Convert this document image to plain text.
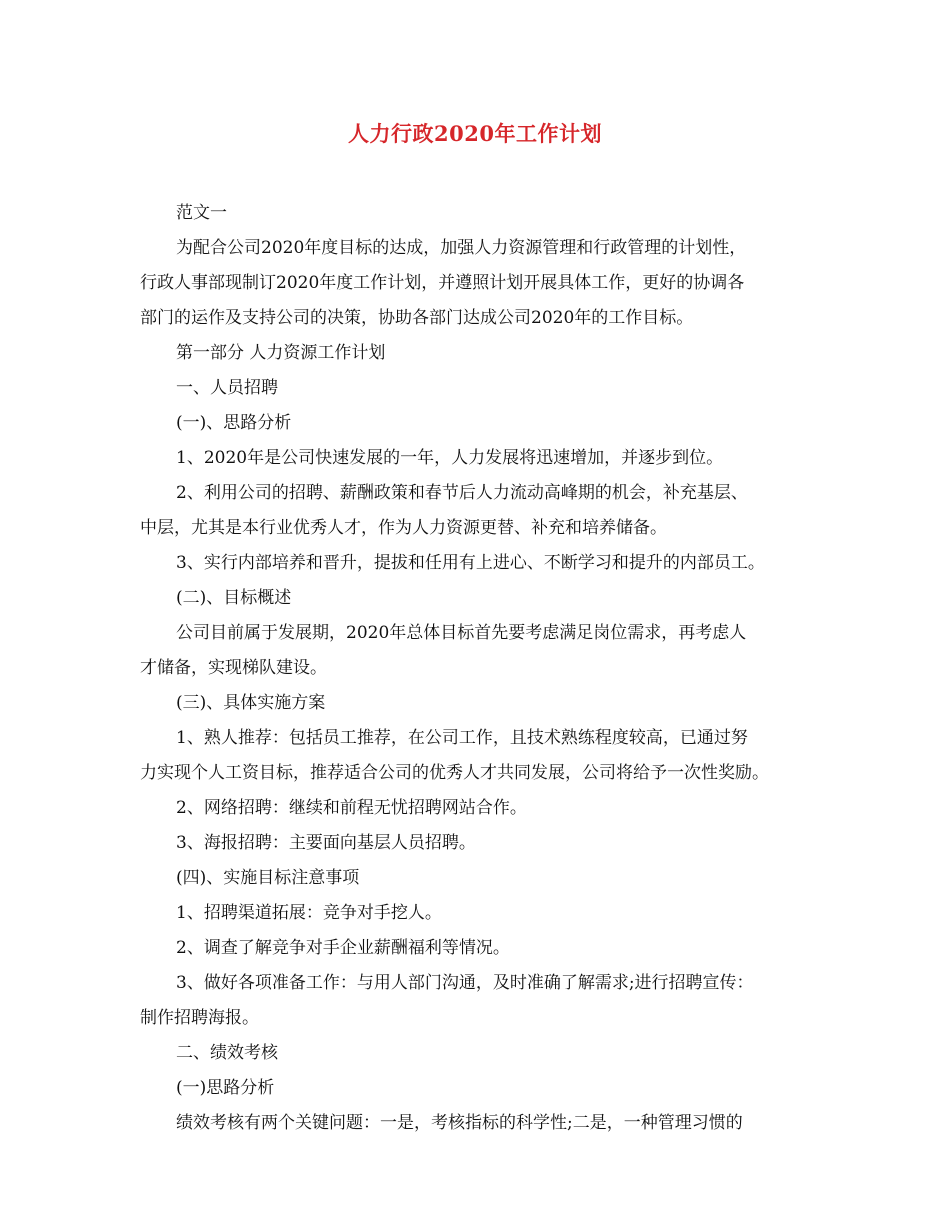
人力行政2020年工作计划
范文一
为配合公司2020年度目标的达成，加强人力资源管理和行政管理的计划性，
行政人事部现制订2020年度工作计划，并遵照计划开展具体工作，更好的协调各
部门的运作及支持公司的决策，协助各部门达成公司2020年的工作目标。
第一部分 人力资源工作计划
一、人员招聘
(一)、思路分析
1、2020年是公司快速发展的一年，人力发展将迅速增加，并逐步到位。
2、利用公司的招聘、薪酬政策和春节后人力流动高峰期的机会，补充基层、
中层，尤其是本行业优秀人才，作为人力资源更替、补充和培养储备。
3、实行内部培养和晋升，提拔和任用有上进心、不断学习和提升的内部员工。
(二)、目标概述
公司目前属于发展期，2020年总体目标首先要考虑满足岗位需求，再考虑人
才储备，实现梯队建设。
(三)、具体实施方案
1、熟人推荐：包括员工推荐，在公司工作，且技术熟练程度较高，已通过努
力实现个人工资目标，推荐适合公司的优秀人才共同发展，公司将给予一次性奖励。
2、网络招聘：继续和前程无忧招聘网站合作。
3、海报招聘：主要面向基层人员招聘。
(四)、实施目标注意事项
1、招聘渠道拓展：竞争对手挖人。
2、调查了解竞争对手企业薪酬福利等情况。
3、做好各项准备工作：与用人部门沟通，及时准确了解需求;进行招聘宣传：
制作招聘海报。
二、绩效考核
(一)思路分析
绩效考核有两个关键问题：一是，考核指标的科学性;二是，一种管理习惯的
